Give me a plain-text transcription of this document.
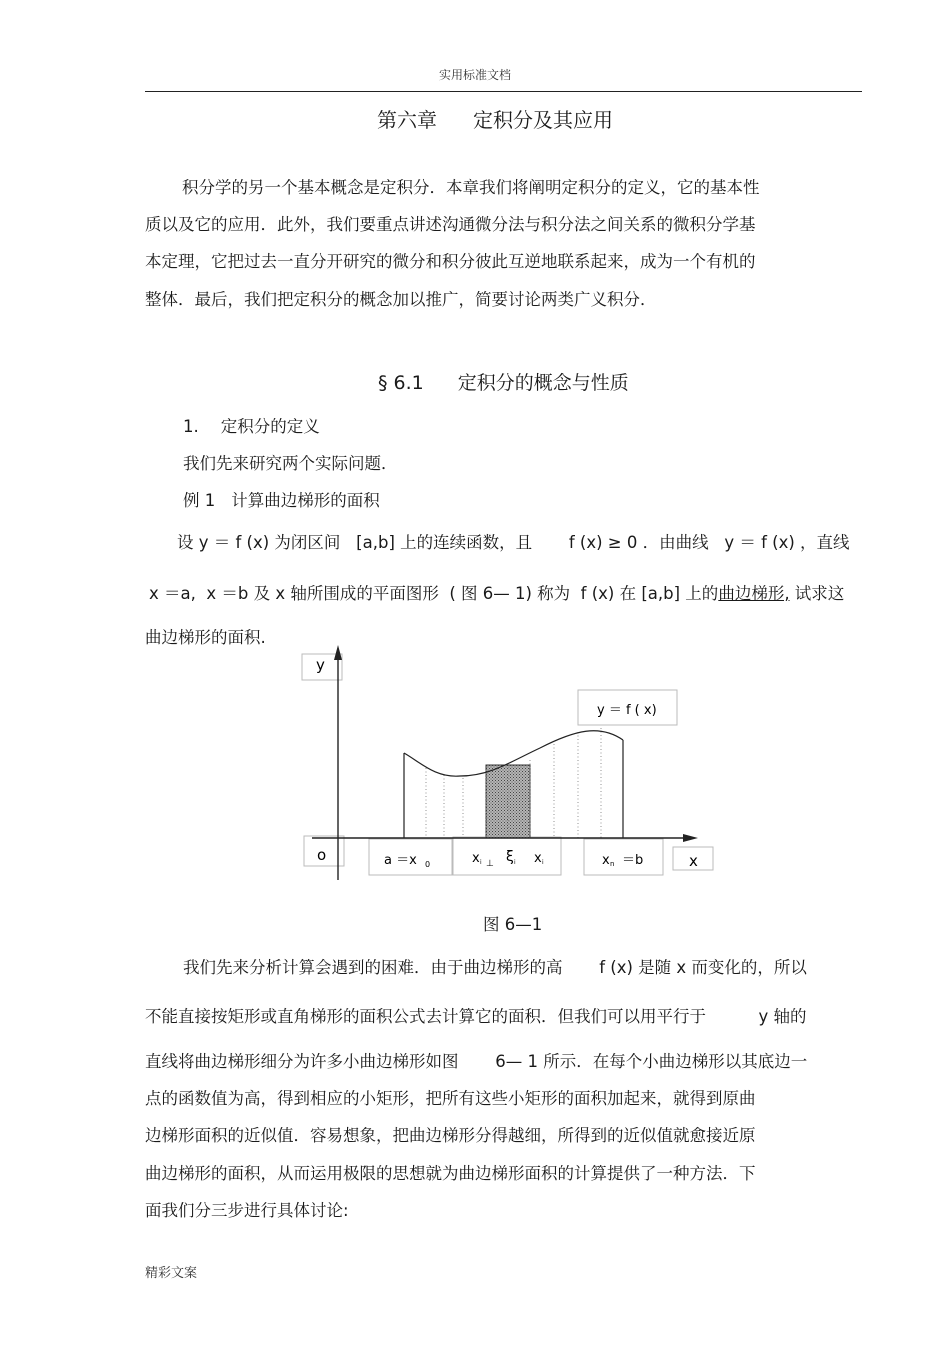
实用标准文档
第六章 定积分及其应用
积分学的另一个基本概念是定积分．本章我们将阐明定积分的定义，它的基本性
质以及它的应用．此外，我们要重点讲述沟通微分法与积分法之间关系的微积分学基
本定理，它把过去一直分开研究的微分和积分彼此互逆地联系起来，成为一个有机的
整体．最后，我们把定积分的概念加以推广，简要讨论两类广义积分．
§ 6.1 定积分的概念与性质
1. 定积分的定义
我们先来研究两个实际问题．
例 1 计算曲边梯形的面积
设 y ＝ f (x) 为闭区间   [a,b] 上的连续函数，且       f (x) ≥ 0 ．由曲线   y ＝ f (x) ，直线
x ＝a,  x ＝b 及 x 轴所围成的平面图形  ( 图 6— 1) 称为  f (x) 在 [a,b] 上的曲边梯形, 试求这
曲边梯形的面积.
y
x
o
y ＝ f ( x)
a ＝x 0	x i ⊥ ξ i x i	x n ＝b
图 6—1
我们先来分析计算会遇到的困难．由于曲边梯形的高       f (x) 是随 x 而变化的，所以
不能直接按矩形或直角梯形的面积公式去计算它的面积．但我们可以用平行于          y 轴的
直线将曲边梯形细分为许多小曲边梯形如图       6— 1 所示．在每个小曲边梯形以其底边一
点的函数值为高，得到相应的小矩形，把所有这些小矩形的面积加起来，就得到原曲
边梯形面积的近似值．容易想象，把曲边梯形分得越细，所得到的近似值就愈接近原
曲边梯形的面积，从而运用极限的思想就为曲边梯形面积的计算提供了一种方法．下
面我们分三步进行具体讨论:
精彩文案
